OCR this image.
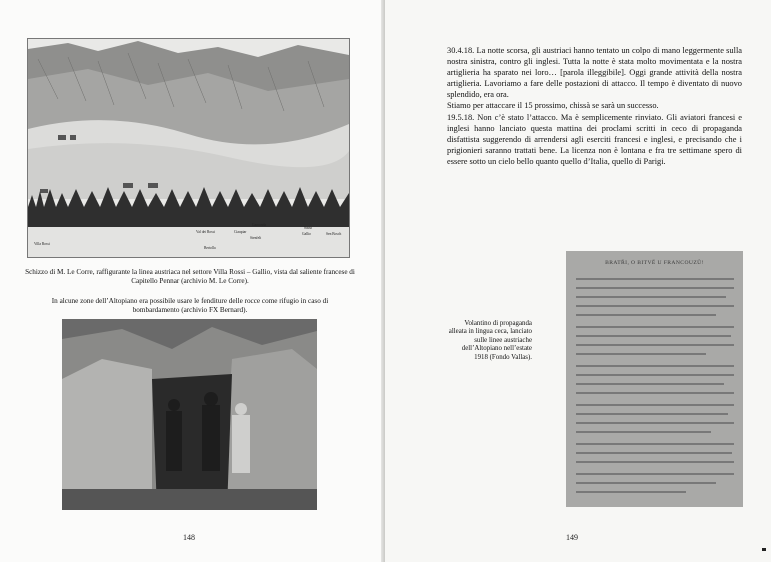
Villa Rossi
Val dei Rossi	Ciaupiar
Gamonda
Stenfelt
Gallio
Sasso
Sen Bosch
Bertolla
Schizzo di M. Le Corre, raffigurante la linea austriaca nel settore Villa Rossi – Gallio, vista dal saliente francese di Capitello Pennar (archivio M. Le Corre).
In alcune zone dell’Altopiano era possibile usare le fenditure delle rocce come rifugio in caso di bombardamento (archivio FX Bernard).
148

30.4.18. La notte scorsa, gli austriaci hanno tentato un colpo di mano leggermente sulla nostra sinistra, contro gli inglesi. Tutta la notte è stata molto movimentata e la nostra artiglieria ha sparato nei loro… [parola illeggibile]. Oggi grande attività della nostra artiglieria. Lavoriamo a fare delle postazioni di attacco. Il tempo è diventato di nuovo splendido, era ora.

Stiamo per attaccare il 15 prossimo, chissà se sarà un successo.

19.5.18. Non c’è stato l’attacco. Ma è semplicemente rinviato. Gli aviatori francesi e inglesi hanno lanciato questa mattina dei proclami scritti in ceco di propaganda disfattista suggerendo di arrendersi agli eserciti francesi e inglesi, e precisando che i prigionieri saranno trattati bene. La licenza non è lontana e fra tre settimane spero di essere sotto un cielo bello quanto quello d’Italia, quello di Parigi.

Volantino di propaganda alleata in lingua ceca, lanciato sulle linee austriache dell’Altopiano nell’estate 1918 (Fondo Vallas).
BRATŘI, O BITVĚ U FRANCOUZŮ!
149
